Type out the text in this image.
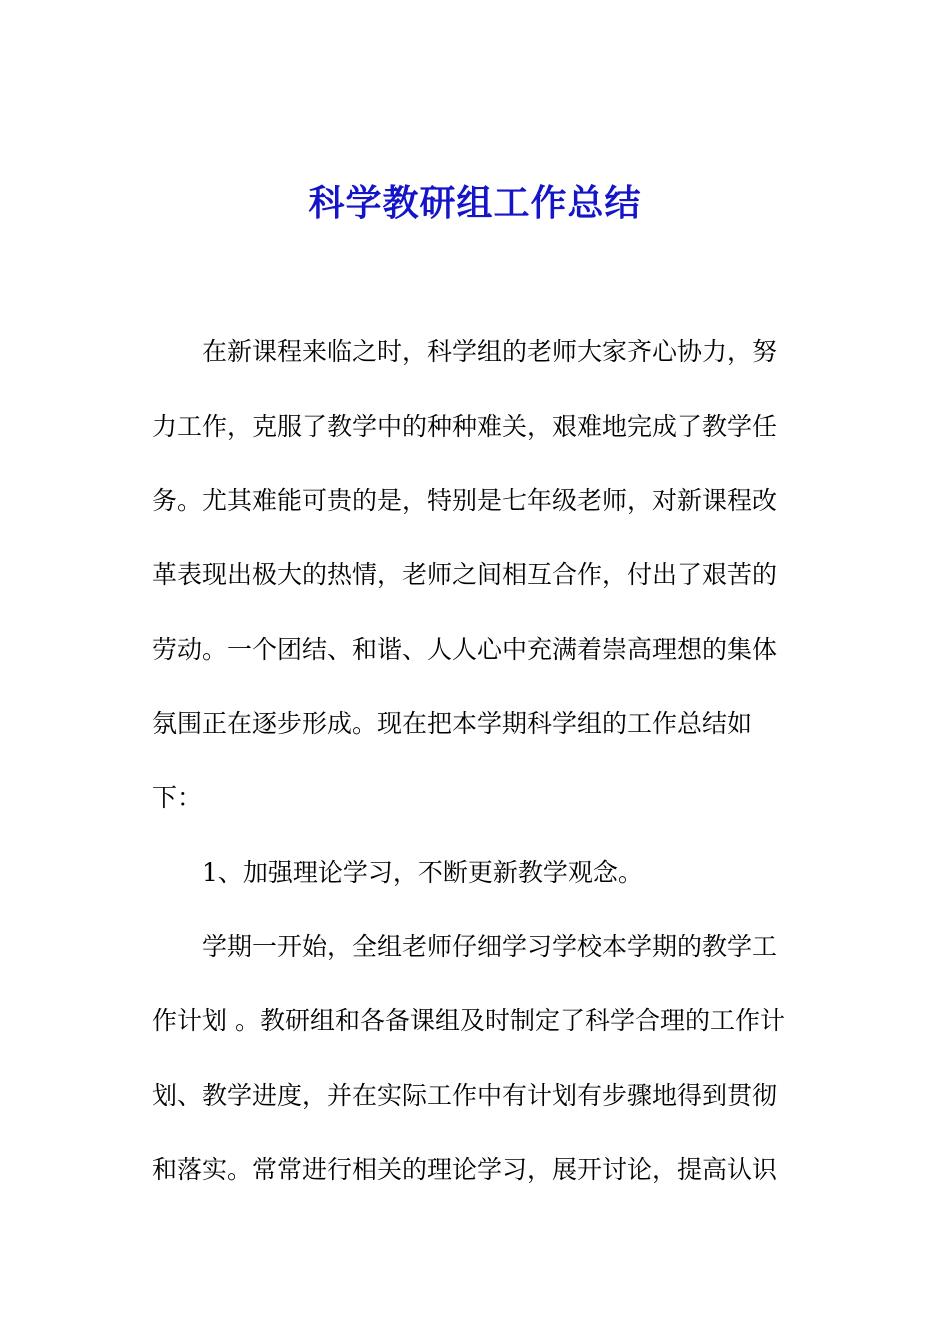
科学教研组工作总结

在新课程来临之时，科学组的老师大家齐心协力，努

力工作，克服了教学中的种种难关，艰难地完成了教学任

务。尤其难能可贵的是，特别是七年级老师，对新课程改

革表现出极大的热情，老师之间相互合作，付出了艰苦的

劳动。一个团结、和谐、人人心中充满着崇高理想的集体

氛围正在逐步形成。现在把本学期科学组的工作总结如

下：

1、加强理论学习，不断更新教学观念。

学期一开始，全组老师仔细学习学校本学期的教学工

作计划 。教研组和各备课组及时制定了科学合理的工作计

划、教学进度，并在实际工作中有计划有步骤地得到贯彻

和落实。常常进行相关的理论学习，展开讨论，提高认识
